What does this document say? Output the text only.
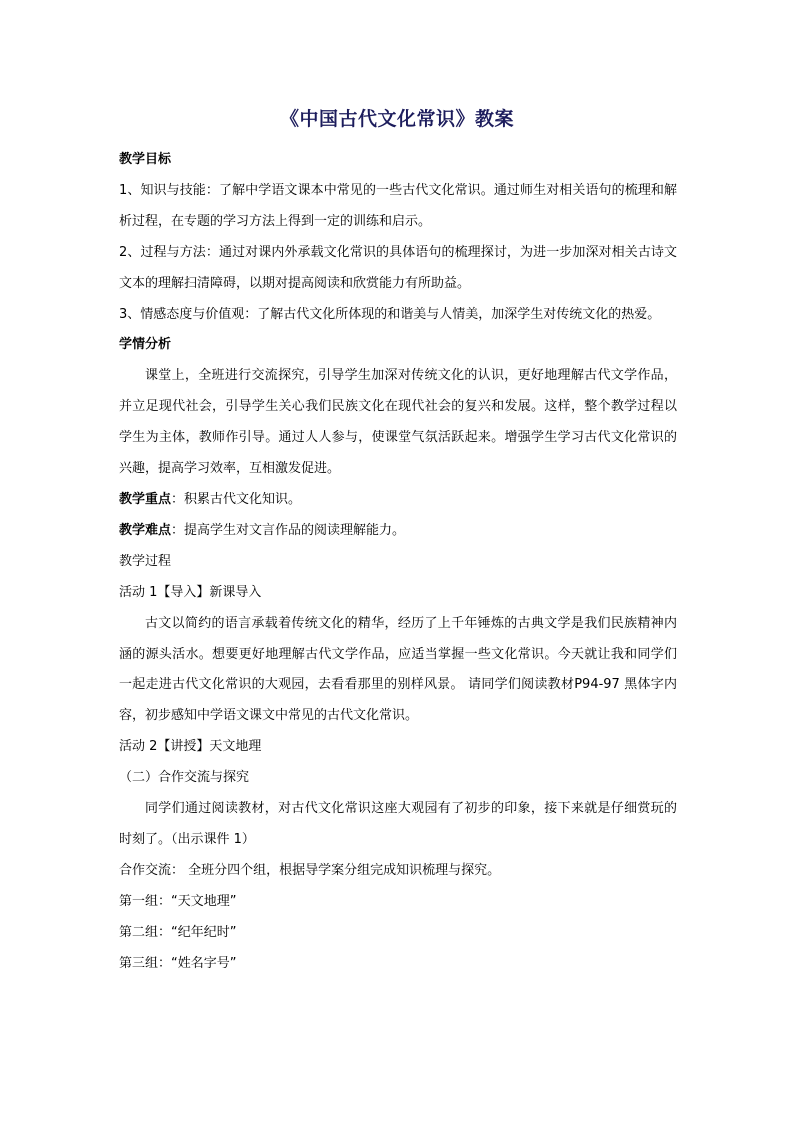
《中国古代文化常识》教案

教学目标

1、知识与技能：了解中学语文课本中常见的一些古代文化常识。通过师生对相关语句的梳理和解析过程，在专题的学习方法上得到一定的训练和启示。

2、过程与方法：通过对课内外承载文化常识的具体语句的梳理探讨，为进一步加深对相关古诗文文本的理解扫清障碍，以期对提高阅读和欣赏能力有所助益。

3、情感态度与价值观：了解古代文化所体现的和谐美与人情美，加深学生对传统文化的热爱。

学情分析

课堂上，全班进行交流探究，引导学生加深对传统文化的认识，更好地理解古代文学作品，并立足现代社会，引导学生关心我们民族文化在现代社会的复兴和发展。这样，整个教学过程以学生为主体，教师作引导。通过人人参与，使课堂气氛活跃起来。增强学生学习古代文化常识的兴趣，提高学习效率，互相激发促进。

教学重点：积累古代文化知识。

教学难点：提高学生对文言作品的阅读理解能力。

教学过程

活动 1【导入】新课导入

古文以简约的语言承载着传统文化的精华，经历了上千年锤炼的古典文学是我们民族精神内涵的源头活水。想要更好地理解古代文学作品，应适当掌握一些文化常识。今天就让我和同学们一起走进古代文化常识的大观园，去看看那里的别样风景。 请同学们阅读教材P94-97 黑体字内容，初步感知中学语文课文中常见的古代文化常识。

活动 2【讲授】天文地理

（二）合作交流与探究

同学们通过阅读教材，对古代文化常识这座大观园有了初步的印象，接下来就是仔细赏玩的时刻了。（出示课件 1）

合作交流： 全班分四个组，根据导学案分组完成知识梳理与探究。

第一组：“天文地理”

第二组：“纪年纪时”

第三组：“姓名字号”
